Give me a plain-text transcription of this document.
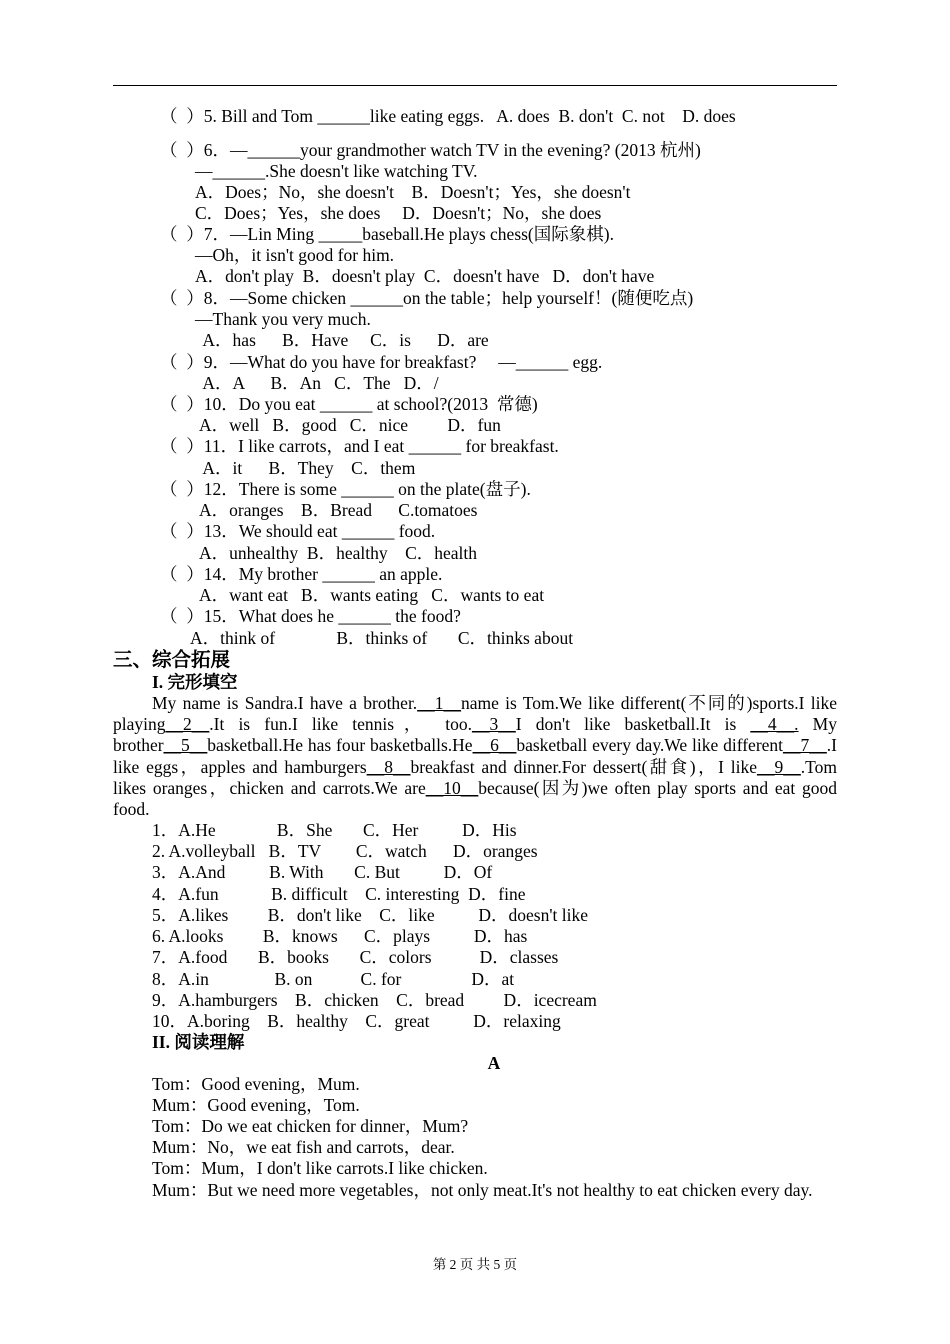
（  ）5. Bill and Tom ______like eating eggs.   A. does  B. don't  C. not    D. does
（  ）6．—______your grandmother watch TV in the evening? (2013 杭州)
—______.She doesn't like watching TV.
A．Does；No，she doesn't    B．Doesn't；Yes，she doesn't
C．Does；Yes，she does     D．Doesn't；No，she does
（  ）7．—Lin Ming _____baseball.He plays chess(国际象棋).
—Oh，it isn't good for him.
A．don't play  B．doesn't play  C．doesn't have   D．don't have
（  ）8．—Some chicken ______on the table；help yourself！(随便吃点)
—Thank you very much.
A．has      B．Have     C．is      D．are
（  ）9．—What do you have for breakfast?     —______ egg.
A．A      B．An   C．The   D．/
（  ）10．Do you eat ______ at school?(2013  常德)
A．well   B．good   C．nice         D．fun
（  ）11．I like carrots，and I eat ______ for breakfast.
A．it      B．They    C．them
（  ）12．There is some ______ on the plate(盘子).
A．oranges    B．Bread      C.tomatoes
（  ）13．We should eat ______ food.
A．unhealthy  B．healthy    C．health
（  ）14．My brother ______ an apple.
A．want eat   B．wants eating   C．wants to eat
（  ）15．What does he ______ the food?
A．think of              B．thinks of       C．thinks about
三、综合拓展
I. 完形填空
My name is Sandra.I have a brother.__1__name is Tom.We like different(不同的)sports.I like playing__2__.It is fun.I like tennis， too.__3__I don't like basketball.It is __4__. My brother__5__basketball.He has four basketballs.He__6__basketball every day.We like different__7__.I like eggs，apples and hamburgers__8__breakfast and dinner.For dessert(甜食)，I like__9__.Tom likes oranges，chicken and carrots.We are__10__because(因为)we often play sports and eat good food.
1．A.He              B．She       C．Her          D．His
2. A.volleyball   B．TV        C．watch      D．oranges
3．A.And          B. With       C. But          D．Of
4．A.fun            B. difficult    C. interesting  D．fine
5．A.likes         B．don't like    C．like          D．doesn't like
6. A.looks         B．knows      C．plays          D．has
7．A.food       B．books       C．colors           D．classes
8．A.in               B. on           C. for                D．at
9．A.hamburgers    B．chicken    C．bread         D．icecream
10．A.boring    B．healthy    C．great          D．relaxing
II. 阅读理解
A
Tom：Good evening，Mum.
Mum：Good evening，Tom.
Tom：Do we eat chicken for dinner，Mum?
Mum：No，we eat fish and carrots，dear.
Tom：Mum，I don't like carrots.I like chicken.
Mum：But we need more vegetables，not only meat.It's not healthy to eat chicken every day.
第 2 页 共 5 页
